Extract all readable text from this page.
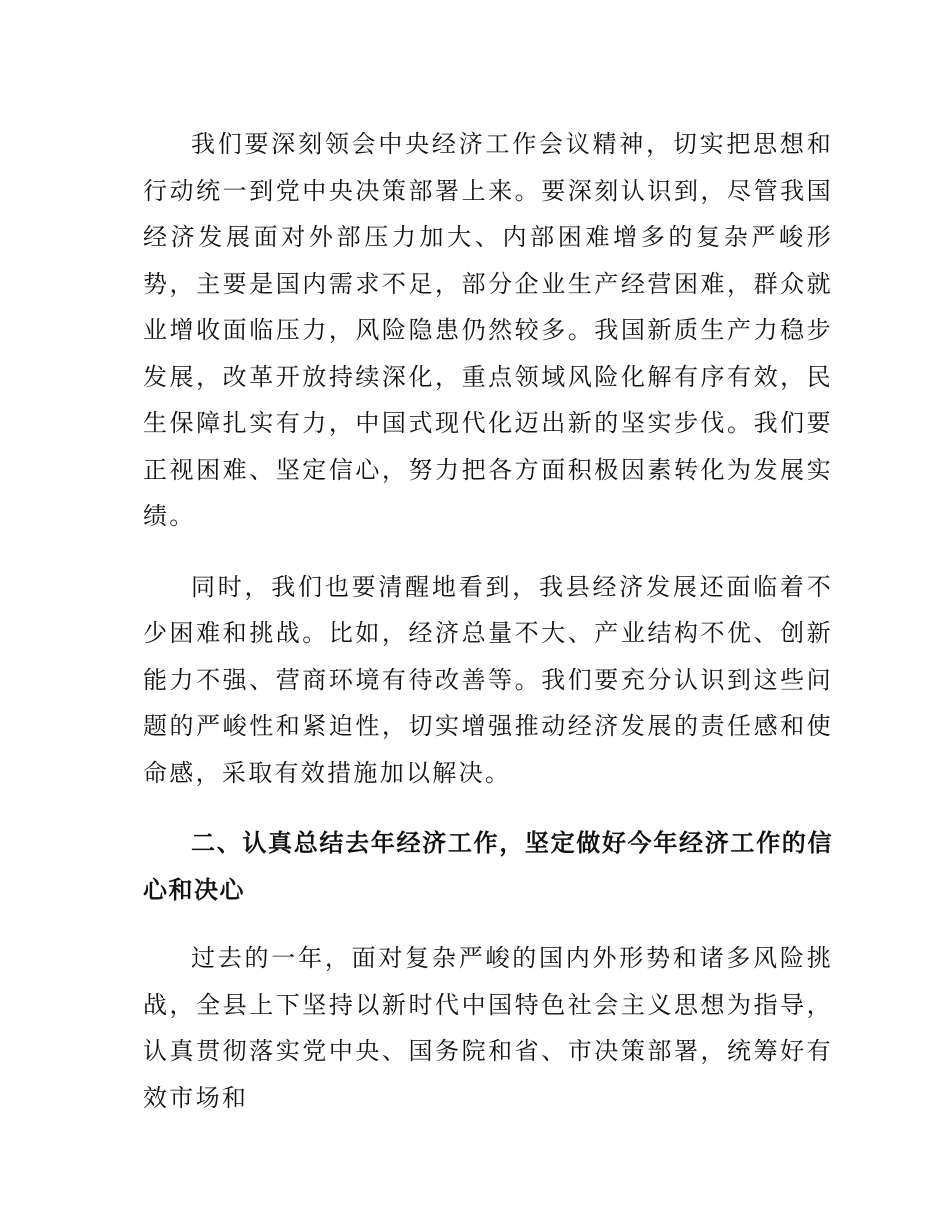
我们要深刻领会中央经济工作会议精神，切实把思想和行动统一到党中央决策部署上来。要深刻认识到，尽管我国经济发展面对外部压力加大、内部困难增多的复杂严峻形势，主要是国内需求不足，部分企业生产经营困难，群众就业增收面临压力，风险隐患仍然较多。我国新质生产力稳步发展，改革开放持续深化，重点领域风险化解有序有效，民生保障扎实有力，中国式现代化迈出新的坚实步伐。我们要正视困难、坚定信心，努力把各方面积极因素转化为发展实绩。

同时，我们也要清醒地看到，我县经济发展还面临着不少困难和挑战。比如，经济总量不大、产业结构不优、创新能力不强、营商环境有待改善等。我们要充分认识到这些问题的严峻性和紧迫性，切实增强推动经济发展的责任感和使命感，采取有效措施加以解决。

二、认真总结去年经济工作，坚定做好今年经济工作的信心和决心

过去的一年，面对复杂严峻的国内外形势和诸多风险挑战，全县上下坚持以新时代中国特色社会主义思想为指导，认真贯彻落实党中央、国务院和省、市决策部署，统筹好有效市场和
